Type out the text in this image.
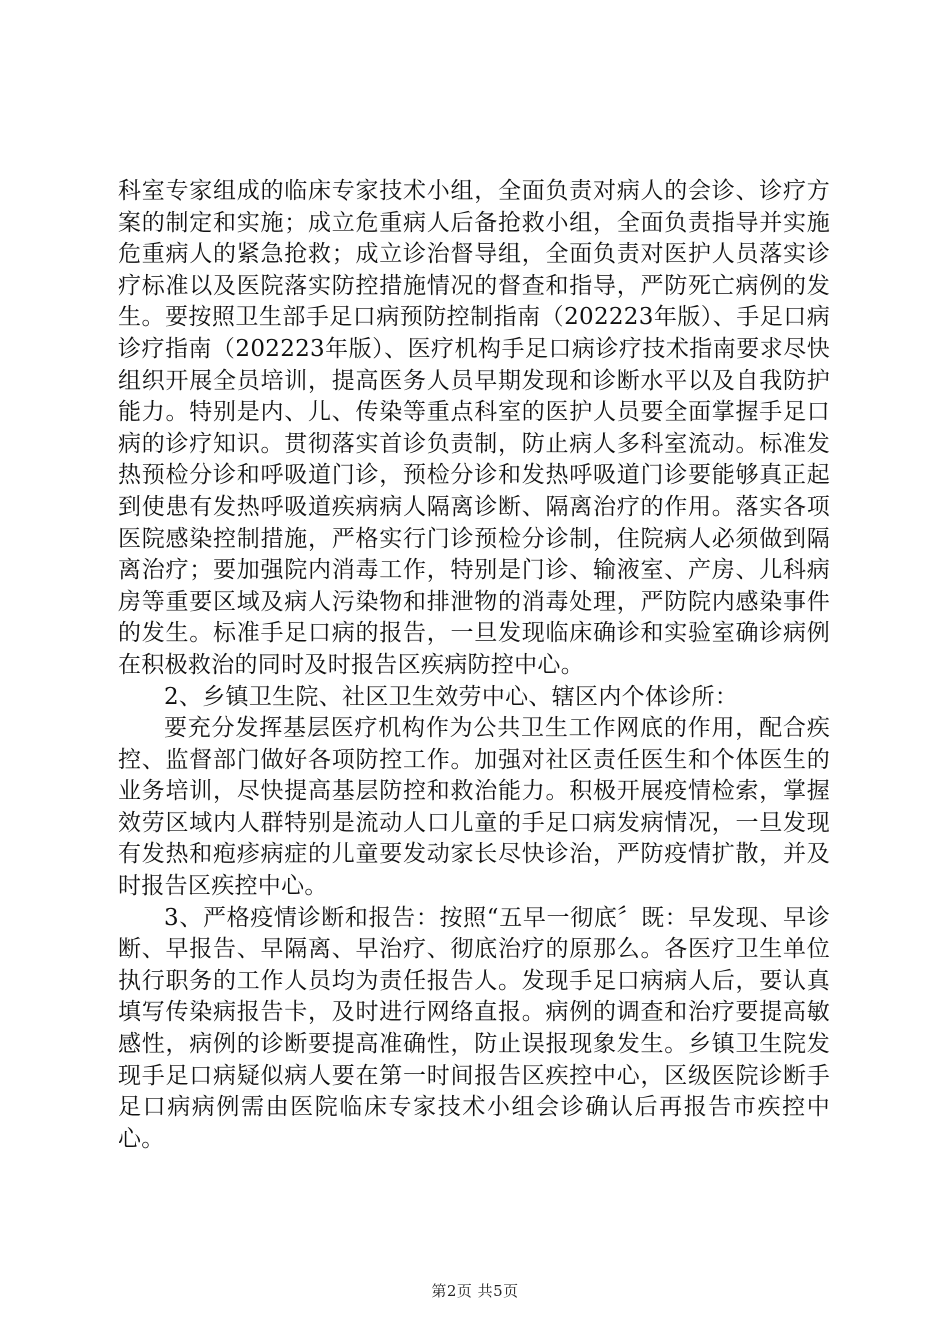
科室专家组成的临床专家技术小组，全面负责对病人的会诊、诊疗方案的制定和实施；成立危重病人后备抢救小组，全面负责指导并实施危重病人的紧急抢救；成立诊治督导组，全面负责对医护人员落实诊疗标准以及医院落实防控措施情况的督查和指导，严防死亡病例的发生。要按照卫生部手足口病预防控制指南（202223年版）、手足口病诊疗指南（202223年版）、医疗机构手足口病诊疗技术指南要求尽快组织开展全员培训，提高医务人员早期发现和诊断水平以及自我防护能力。特别是内、儿、传染等重点科室的医护人员要全面掌握手足口病的诊疗知识。贯彻落实首诊负责制，防止病人多科室流动。标准发热预检分诊和呼吸道门诊，预检分诊和发热呼吸道门诊要能够真正起到使患有发热呼吸道疾病病人隔离诊断、隔离治疗的作用。落实各项医院感染控制措施，严格实行门诊预检分诊制，住院病人必须做到隔离治疗；要加强院内消毒工作，特别是门诊、输液室、产房、儿科病房等重要区域及病人污染物和排泄物的消毒处理，严防院内感染事件的发生。标准手足口病的报告，一旦发现临床确诊和实验室确诊病例在积极救治的同时及时报告区疾病防控中心。

2、乡镇卫生院、社区卫生效劳中心、辖区内个体诊所：

要充分发挥基层医疗机构作为公共卫生工作网底的作用，配合疾控、监督部门做好各项防控工作。加强对社区责任医生和个体医生的业务培训，尽快提高基层防控和救治能力。积极开展疫情检索，掌握效劳区域内人群特别是流动人口儿童的手足口病发病情况，一旦发现有发热和疱疹病症的儿童要发动家长尽快诊治，严防疫情扩散，并及时报告区疾控中心。

3、严格疫情诊断和报告：按照“五早一彻底〞既：早发现、早诊断、早报告、早隔离、早治疗、彻底治疗的原那么。各医疗卫生单位执行职务的工作人员均为责任报告人。发现手足口病病人后，要认真填写传染病报告卡，及时进行网络直报。病例的调查和治疗要提高敏感性，病例的诊断要提高准确性，防止误报现象发生。乡镇卫生院发现手足口病疑似病人要在第一时间报告区疾控中心，区级医院诊断手足口病病例需由医院临床专家技术小组会诊确认后再报告市疾控中心。

第2页 共5页
